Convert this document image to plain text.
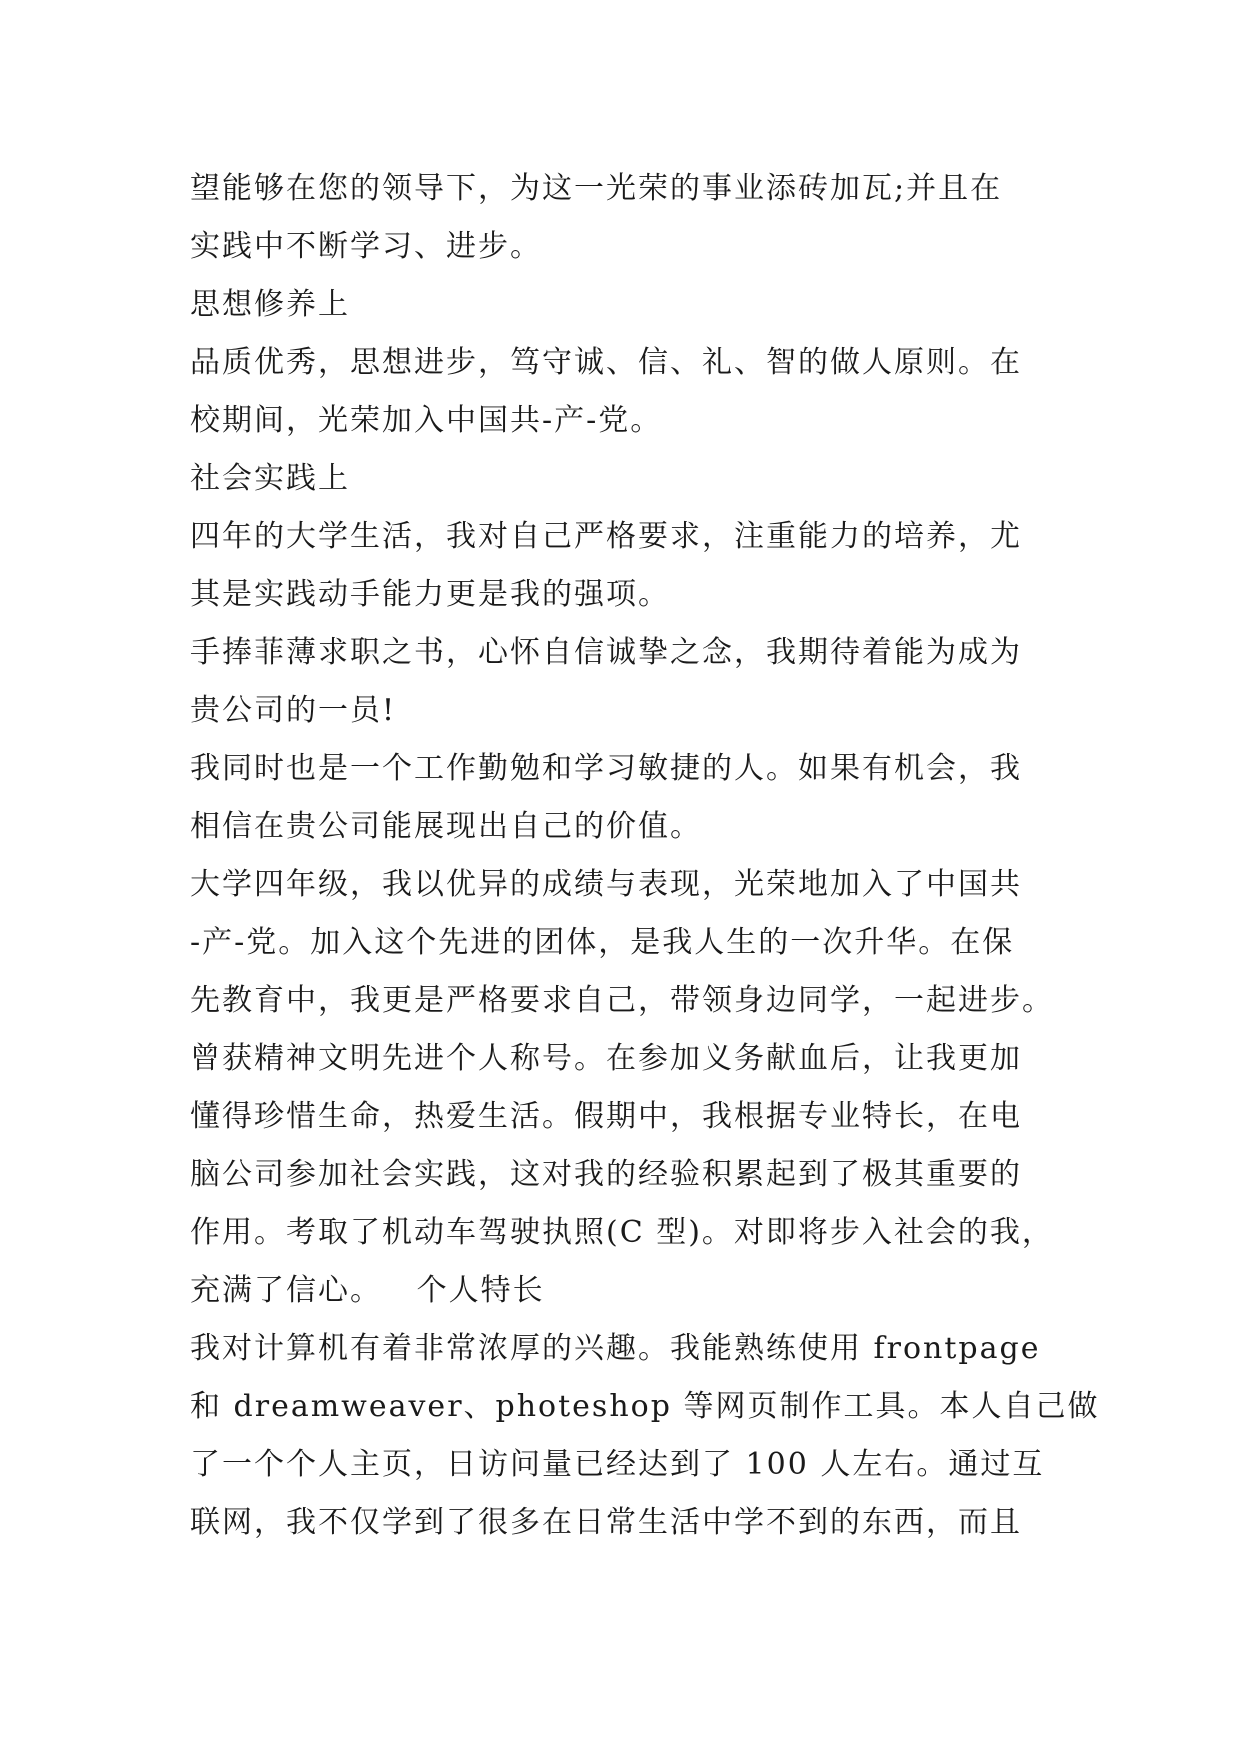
望能够在您的领导下，为这一光荣的事业添砖加瓦;并且在
实践中不断学习、进步。
思想修养上
品质优秀，思想进步，笃守诚、信、礼、智的做人原则。在
校期间，光荣加入中国共-产-党。
社会实践上
四年的大学生活，我对自己严格要求，注重能力的培养，尤
其是实践动手能力更是我的强项。
手捧菲薄求职之书，心怀自信诚挚之念，我期待着能为成为
贵公司的一员!
我同时也是一个工作勤勉和学习敏捷的人。如果有机会，我
相信在贵公司能展现出自己的价值。
大学四年级，我以优异的成绩与表现，光荣地加入了中国共
-产-党。加入这个先进的团体，是我人生的一次升华。在保
先教育中，我更是严格要求自己，带领身边同学，一起进步。
曾获精神文明先进个人称号。在参加义务献血后，让我更加
懂得珍惜生命，热爱生活。假期中，我根据专业特长，在电
脑公司参加社会实践，这对我的经验积累起到了极其重要的
作用。考取了机动车驾驶执照(C 型)。对即将步入社会的我，
充满了信心。   个人特长
我对计算机有着非常浓厚的兴趣。我能熟练使用 frontpage
和 dreamweaver、photeshop 等网页制作工具。本人自己做
了一个个人主页，日访问量已经达到了 100 人左右。通过互
联网，我不仅学到了很多在日常生活中学不到的东西，而且
